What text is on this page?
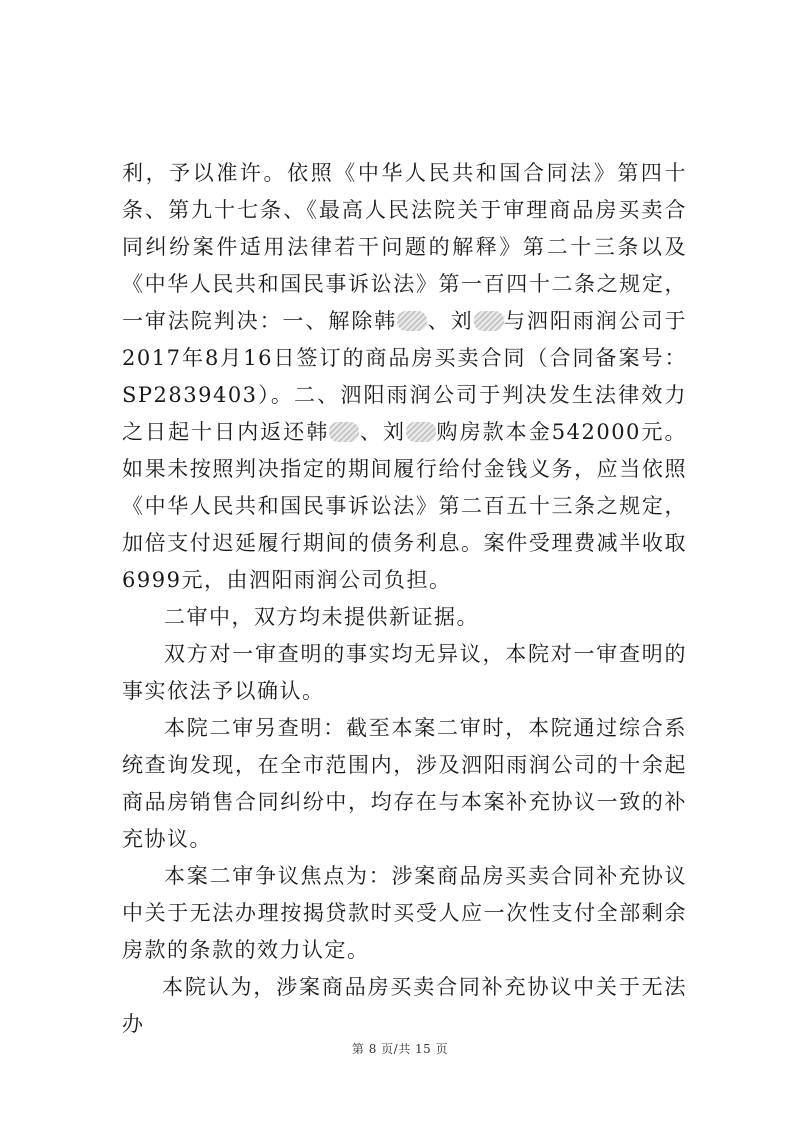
利，予以准许。依照《中华人民共和国合同法》第四十条、第九十七条、《最高人民法院关于审理商品房买卖合同纠纷案件适用法律若干问题的解释》第二十三条以及《中华人民共和国民事诉讼法》第一百四十二条之规定，一审法院判决：一、解除韩 、刘 与泗阳雨润公司于2017年8月16日签订的商品房买卖合同（合同备案号：SP2839403）。二、泗阳雨润公司于判决发生法律效力之日起十日内返还韩 、刘 购房款本金542000元。如果未按照判决指定的期间履行给付金钱义务，应当依照《中华人民共和国民事诉讼法》第二百五十三条之规定，加倍支付迟延履行期间的债务利息。案件受理费减半收取6999元，由泗阳雨润公司负担。

二审中，双方均未提供新证据。

双方对一审查明的事实均无异议，本院对一审查明的事实依法予以确认。

本院二审另查明：截至本案二审时，本院通过综合系统查询发现，在全市范围内，涉及泗阳雨润公司的十余起商品房销售合同纠纷中，均存在与本案补充协议一致的补充协议。

本案二审争议焦点为：涉案商品房买卖合同补充协议中关于无法办理按揭贷款时买受人应一次性支付全部剩余房款的条款的效力认定。

本院认为，涉案商品房买卖合同补充协议中关于无法办

第 8 页/共 15 页
